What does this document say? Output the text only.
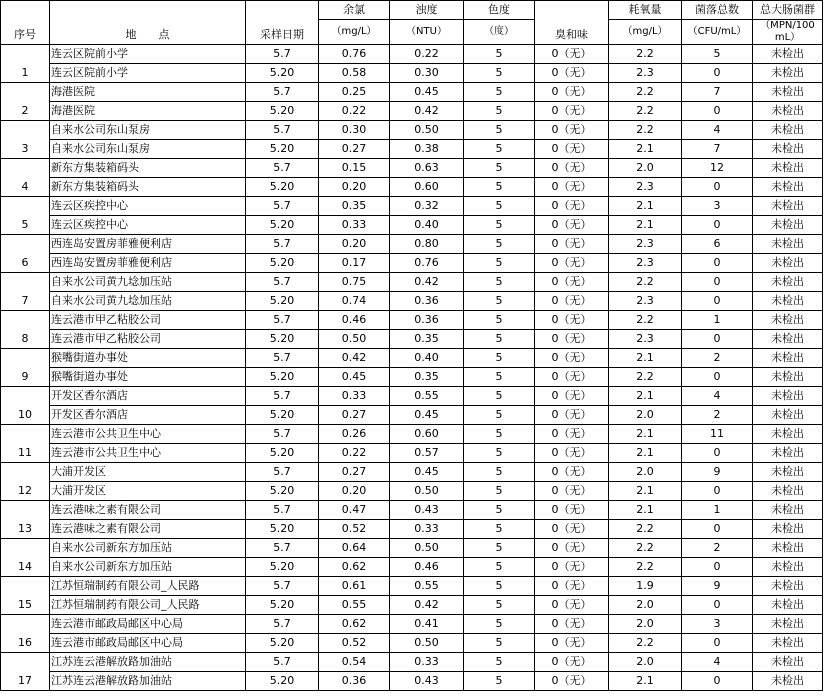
序号	地　　点	采样日期	余氯	浊度	色度	臭和味	耗氧量	菌落总数	总大肠菌群
			（mg/L）	（NTU）	（度）		（mg/L）	（CFU/mL）	（MPN/100
mL）

1	连云区院前小学	5.7	0.76	0.22	5	0（无）	2.2	5	未检出
	连云区院前小学	5.20	0.58	0.30	5	0（无）	2.3	0	未检出
2	海港医院	5.7	0.25	0.45	5	0（无）	2.2	7	未检出
	海港医院	5.20	0.22	0.42	5	0（无）	2.2	0	未检出
3	自来水公司东山泵房	5.7	0.30	0.50	5	0（无）	2.2	4	未检出
	自来水公司东山泵房	5.20	0.27	0.38	5	0（无）	2.1	7	未检出
4	新东方集装箱码头	5.7	0.15	0.63	5	0（无）	2.0	12	未检出
	新东方集装箱码头	5.20	0.20	0.60	5	0（无）	2.3	0	未检出
5	连云区疾控中心	5.7	0.35	0.32	5	0（无）	2.1	3	未检出
	连云区疾控中心	5.20	0.33	0.40	5	0（无）	2.1	0	未检出
6	西连岛安置房菲雅便利店	5.7	0.20	0.80	5	0（无）	2.3	6	未检出
	西连岛安置房菲雅便利店	5.20	0.17	0.76	5	0（无）	2.3	0	未检出
7	自来水公司黄九埝加压站	5.7	0.75	0.42	5	0（无）	2.2	0	未检出
	自来水公司黄九埝加压站	5.20	0.74	0.36	5	0（无）	2.3	0	未检出
8	连云港市甲乙粘胶公司	5.7	0.46	0.36	5	0（无）	2.2	1	未检出
	连云港市甲乙粘胶公司	5.20	0.50	0.35	5	0（无）	2.3	0	未检出
9	猴嘴街道办事处	5.7	0.42	0.40	5	0（无）	2.1	2	未检出
	猴嘴街道办事处	5.20	0.45	0.35	5	0（无）	2.2	0	未检出
10	开发区香尔酒店	5.7	0.33	0.55	5	0（无）	2.1	4	未检出
	开发区香尔酒店	5.20	0.27	0.45	5	0（无）	2.0	2	未检出
11	连云港市公共卫生中心	5.7	0.26	0.60	5	0（无）	2.1	11	未检出
	连云港市公共卫生中心	5.20	0.22	0.57	5	0（无）	2.1	0	未检出
12	大浦开发区	5.7	0.27	0.45	5	0（无）	2.0	9	未检出
	大浦开发区	5.20	0.20	0.50	5	0（无）	2.1	0	未检出
13	连云港味之素有限公司	5.7	0.47	0.43	5	0（无）	2.1	1	未检出
	连云港味之素有限公司	5.20	0.52	0.33	5	0（无）	2.2	0	未检出
14	自来水公司新东方加压站	5.7	0.64	0.50	5	0（无）	2.2	2	未检出
	自来水公司新东方加压站	5.20	0.62	0.46	5	0（无）	2.2	0	未检出
15	江苏恒瑞制药有限公司_人民路	5.7	0.61	0.55	5	0（无）	1.9	9	未检出
	江苏恒瑞制药有限公司_人民路	5.20	0.55	0.42	5	0（无）	2.0	0	未检出
16	连云港市邮政局邮区中心局	5.7	0.62	0.41	5	0（无）	2.0	3	未检出
	连云港市邮政局邮区中心局	5.20	0.52	0.50	5	0（无）	2.2	0	未检出
17	江苏连云港解放路加油站	5.7	0.54	0.33	5	0（无）	2.0	4	未检出
	江苏连云港解放路加油站	5.20	0.36	0.43	5	0（无）	2.1	0	未检出
